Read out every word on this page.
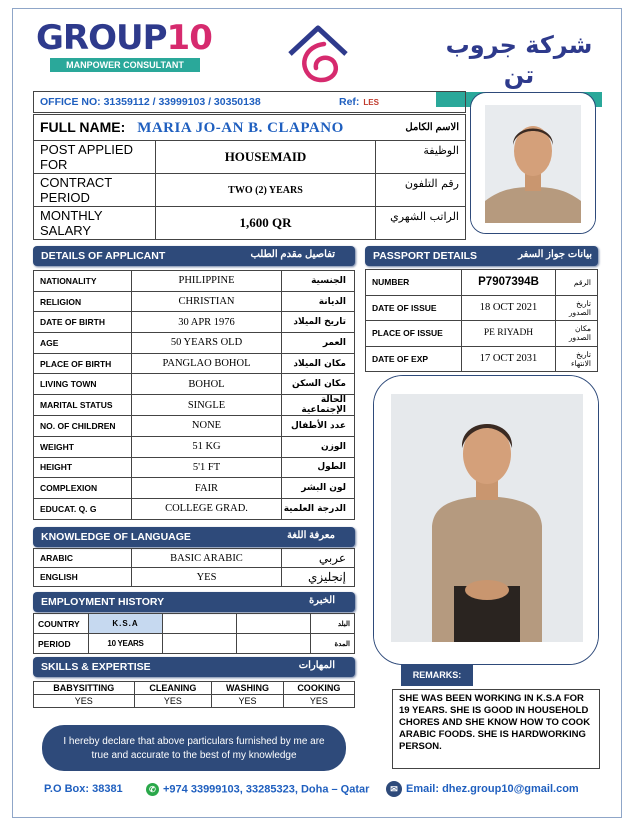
GROUP10
MANPOWER CONSULTANT
شركة جروب تن
OFFICE NO: 31359112 / 33999103 / 30350138	Ref: LES
FULL NAME: MARIA JO-AN B. CLAPANO الاسم الكامل		

POST APPLIED FOR	HOUSEMAID	الوظيفة
CONTRACT PERIOD	TWO (2) YEARS	رقم التلفون
MONTHLY SALARY	1,600 QR	الراتب الشهري
DETAILS OF APPLICANT	تفاصيل مقدم الطلب
NATIONALITY	PHILIPPINE	الجنسية
RELIGION	CHRISTIAN	الديانة
DATE OF BIRTH	30 APR 1976	تاريخ الميلاد
AGE	50 YEARS OLD	العمر
PLACE OF BIRTH	PANGLAO BOHOL	مكان الميلاد
LIVING TOWN	BOHOL	مكان السكن
MARITAL STATUS	SINGLE	الحالة الإجتماعية
NO. OF CHILDREN	NONE	عدد الأطفال
WEIGHT	51 KG	الوزن
HEIGHT	5'1 FT	الطول
COMPLEXION	FAIR	لون البشر
EDUCAT. Q. G	COLLEGE GRAD.	الدرجة العلمية
PASSPORT DETAILS	بيانات جواز السفر
NUMBER	P7907394B	الرقم
DATE OF ISSUE	18 OCT 2021	تاريخ الصدور
PLACE OF ISSUE	PE RIYADH	مكان الصدور
DATE OF EXP	17 OCT 2031	تاريخ الانتهاء
KNOWLEDGE OF LANGUAGE	معرفة اللغة
ARABIC	BASIC ARABIC	عربي
ENGLISH	YES	إنجليزي
EMPLOYMENT HISTORY	الخبرة
COUNTRY	K.S.A			البلد
PERIOD	10 YEARS			المدة
SKILLS & EXPERTISE	المهارات
BABYSITTING	CLEANING	WASHING	COOKING
YES	YES	YES	YES
REMARKS:
SHE WAS BEEN WORKING IN K.S.A FOR 19 YEARS. SHE IS GOOD IN HOUSEHOLD CHORES AND SHE KNOW HOW TO COOK ARABIC FOODS. SHE IS HARDWORKING PERSON.
I hereby declare that above particulars furnished by me are true and accurate to the best of my knowledge
P.O Box: 38381	✆ +974 33999103, 33285323, Doha – Qatar	✉ Email: dhez.group10@gmail.com
